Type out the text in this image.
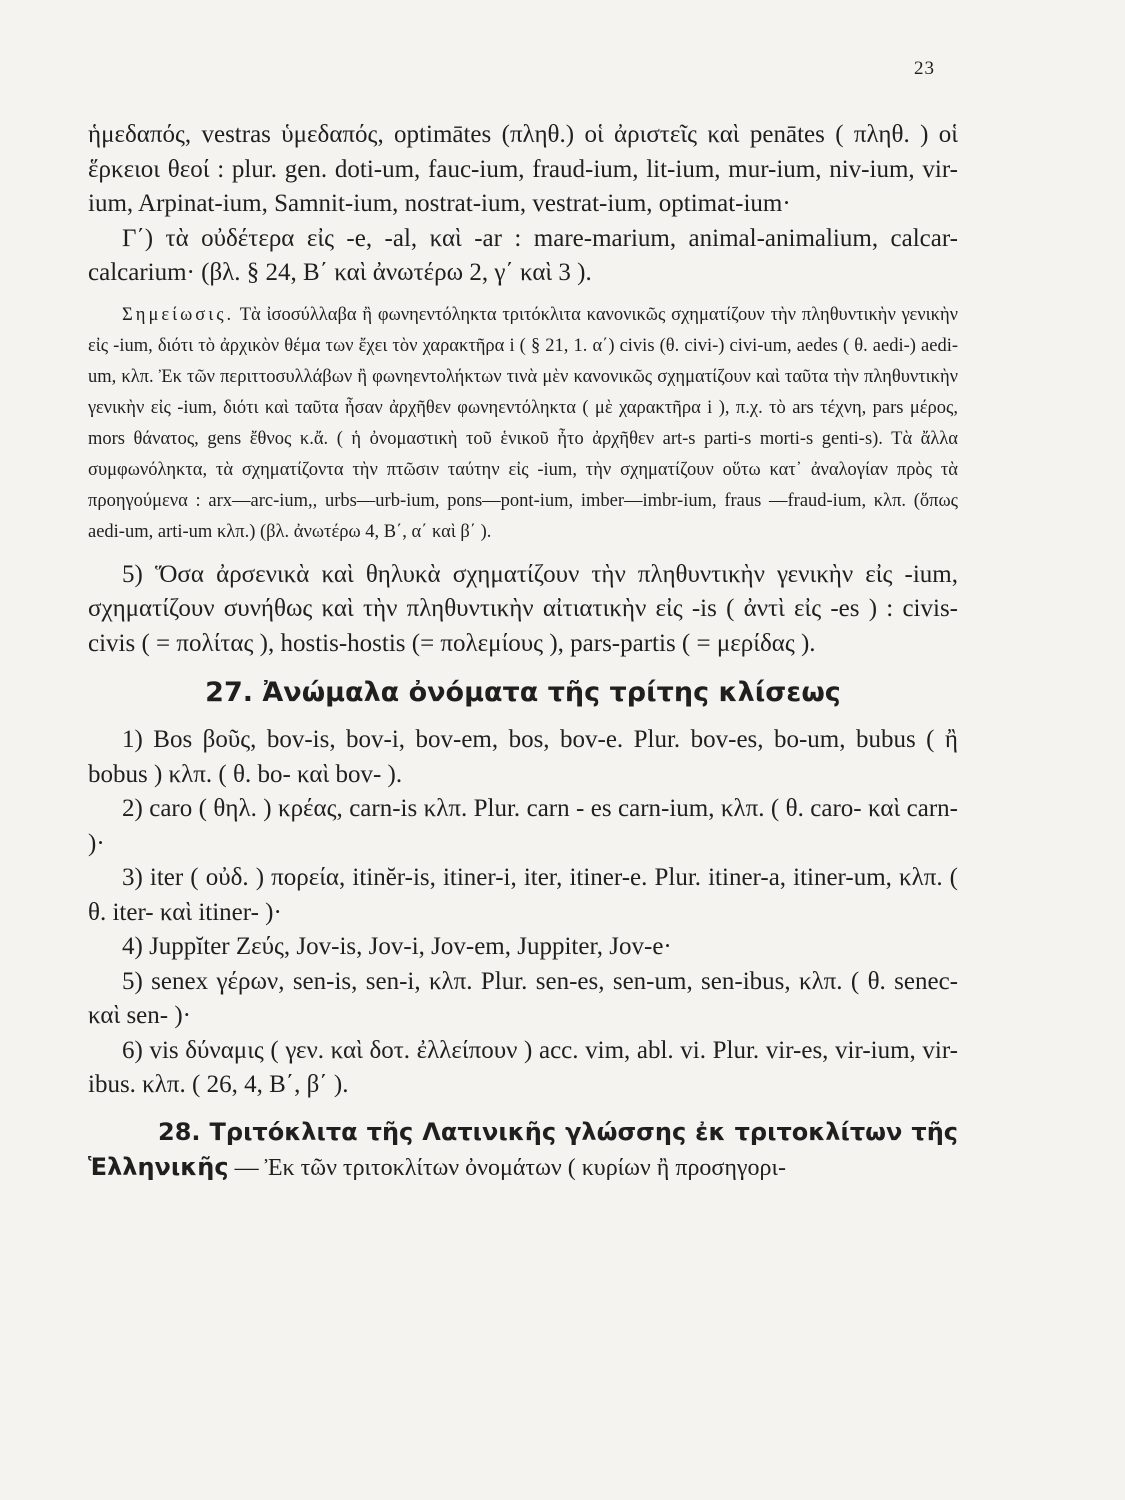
23

ἡμεδαπός, vestras ὑμεδαπός, optimātes (πληθ.) οἱ ἀριστεῖς καὶ penātes ( πληθ. ) οἱ ἕρκειοι θεοί : plur. gen. doti-um, fauc-ium, fraud-ium, lit-ium, mur-ium, niv-ium, vir-ium, Arpinat-ium, Samnit-ium, nostrat-ium, vestrat-ium, optimat-ium·

Γ΄) τὰ οὐδέτερα εἰς -e, -al, καὶ -ar : mare-marium, animal-animalium, calcar-calcarium· (βλ. § 24, Β΄ καὶ ἀνωτέρω 2, γ΄ καὶ 3 ).

Σημείωσις. Τὰ ἰσοσύλλαβα ἢ φωνηεντόληκτα τριτόκλιτα κανονικῶς σχηματίζουν τὴν πληθυντικὴν γενικὴν εἰς -ium, διότι τὸ ἀρχικὸν θέμα των ἔχει τὸν χαρακτῆρα i ( § 21, 1. α΄) civis (θ. civi-) civi-um, aedes ( θ. aedi-) aedi-um, κλπ. Ἐκ τῶν περιττοσυλλάβων ἢ φωνηεντολήκτων τινὰ μὲν κανονικῶς σχηματίζουν καὶ ταῦτα τὴν πληθυντικὴν γενικὴν εἰς -ium, διότι καὶ ταῦτα ἦσαν ἀρχῆθεν φωνηεντόληκτα ( μὲ χαρακτῆρα i ), π.χ. τὸ ars τέχνη, pars μέρος, mors θάνατος, gens ἔθνος κ.ἄ. ( ἡ ὀνομαστικὴ τοῦ ἑνικοῦ ἦτο ἀρχῆθεν art-s parti-s morti-s genti-s). Τὰ ἄλλα συμφωνόληκτα, τὰ σχηματίζοντα τὴν πτῶσιν ταύτην εἰς -ium, τὴν σχηματίζουν οὕτω κατ᾽ ἀναλογίαν πρὸς τὰ προηγούμενα : arx—arc-ium,, urbs—urb-ium, pons—pont-ium, imber—imbr-ium, fraus —fraud-ium, κλπ. (ὅπως aedi-um, arti-um κλπ.) (βλ. ἀνωτέρω 4, Β΄, α΄ καὶ β΄ ).

5) Ὅσα ἀρσενικὰ καὶ θηλυκὰ σχηματίζουν τὴν πληθυντικὴν γενικὴν εἰς -ium, σχηματίζουν συνήθως καὶ τὴν πληθυντικὴν αἰτιατικὴν εἰς -is ( ἀντὶ εἰς -es ) : civis-civis ( = πολίτας ), hostis-hostis (= πολεμίους ), pars-partis ( = μερίδας ).

27. Ἀνώμαλα ὀνόματα τῆς τρίτης κλίσεως

1) Bos βοῦς, bov-is, bov-i, bov-em, bos, bov-e. Plur. bov-es, bo-um, bubus ( ἢ bobus ) κλπ. ( θ. bo- καὶ bov- ).

2) caro ( θηλ. ) κρέας, carn-is κλπ. Plur. carn - es carn-ium, κλπ. ( θ. caro- καὶ carn- )·

3) iter ( οὐδ. ) πορεία, itinĕr-is, itiner-i, iter, itiner-e. Plur. itiner-a, itiner-um, κλπ. ( θ. iter- καὶ itiner- )·

4) Juppĭter Ζεύς, Jov-is, Jov-i, Jov-em, Juppiter, Jov-e·

5) senex γέρων, sen-is, sen-i, κλπ. Plur. sen-es, sen-um, sen-ibus, κλπ. ( θ. senec- καὶ sen- )·

6) vis δύναμις ( γεν. καὶ δοτ. ἐλλείπουν ) acc. vim, abl. vi. Plur. vir-es, vir-ium, vir-ibus. κλπ. ( 26, 4, Β΄, β΄ ).

28. Τριτόκλιτα τῆς Λατινικῆς γλώσσης ἐκ τριτοκλίτων τῆς Ἑλληνικῆς — Ἐκ τῶν τριτοκλίτων ὀνομάτων ( κυρίων ἢ προσηγορι-
